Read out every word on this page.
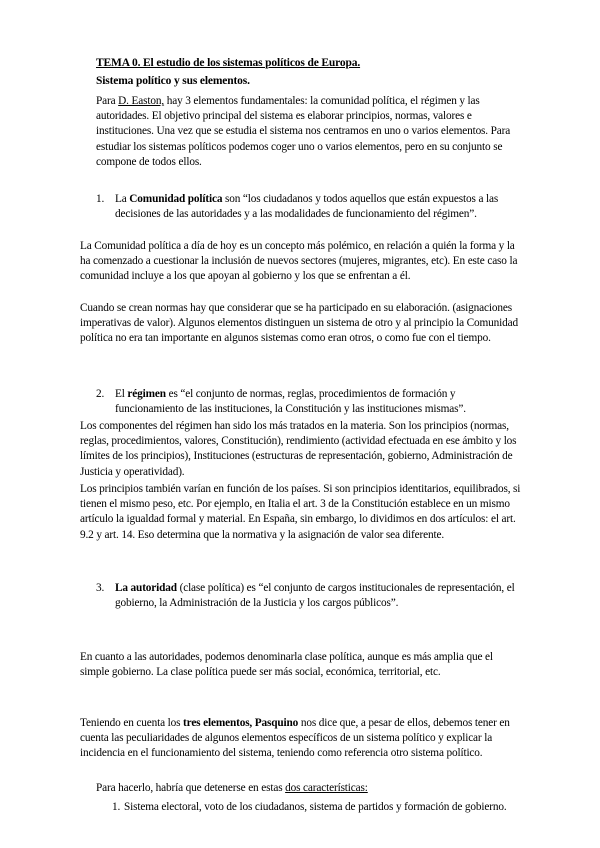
TEMA 0. El estudio de los sistemas políticos de Europa.
Sistema político y sus elementos.
Para D. Easton, hay 3 elementos fundamentales: la comunidad política, el régimen y las autoridades. El objetivo principal del sistema es elaborar principios, normas, valores e instituciones. Una vez que se estudia el sistema nos centramos en uno o varios elementos. Para estudiar los sistemas políticos podemos coger uno o varios elementos, pero en su conjunto se compone de todos ellos.
1. La Comunidad política son “los ciudadanos y todos aquellos que están expuestos a las decisiones de las autoridades y a las modalidades de funcionamiento del régimen”.
La Comunidad política a día de hoy es un concepto más polémico, en relación a quién la forma y la ha comenzado a cuestionar la inclusión de nuevos sectores (mujeres, migrantes, etc). En este caso la comunidad incluye a los que apoyan al gobierno y los que se enfrentan a él.
Cuando se crean normas hay que considerar que se ha participado en su elaboración. (asignaciones imperativas de valor). Algunos elementos distinguen un sistema de otro y al principio la Comunidad política no era tan importante en algunos sistemas como eran otros, o como fue con el tiempo.
2. El régimen es “el conjunto de normas, reglas, procedimientos de formación y funcionamiento de las instituciones, la Constitución y las instituciones mismas”.
Los componentes del régimen han sido los más tratados en la materia. Son los principios (normas, reglas, procedimientos, valores, Constitución), rendimiento (actividad efectuada en ese ámbito y los límites de los principios), Instituciones (estructuras de representación, gobierno, Administración de Justicia y operatividad).
Los principios también varían en función de los países. Si son principios identitarios, equilibrados, si tienen el mismo peso, etc. Por ejemplo, en Italia el art. 3 de la Constitución establece en un mismo artículo la igualdad formal y material. En España, sin embargo, lo dividimos en dos artículos: el art. 9.2 y art. 14. Eso determina que la normativa y la asignación de valor sea diferente.
3. La autoridad (clase política) es “el conjunto de cargos institucionales de representación, el gobierno, la Administración de la Justicia y los cargos públicos”.
En cuanto a las autoridades, podemos denominarla clase política, aunque es más amplia que el simple gobierno. La clase política puede ser más social, económica, territorial, etc.
Teniendo en cuenta los tres elementos, Pasquino nos dice que, a pesar de ellos, debemos tener en cuenta las peculiaridades de algunos elementos específicos de un sistema político y explicar la incidencia en el funcionamiento del sistema, teniendo como referencia otro sistema político.
Para hacerlo, habría que detenerse en estas dos características:
1. Sistema electoral, voto de los ciudadanos, sistema de partidos y formación de gobierno.
